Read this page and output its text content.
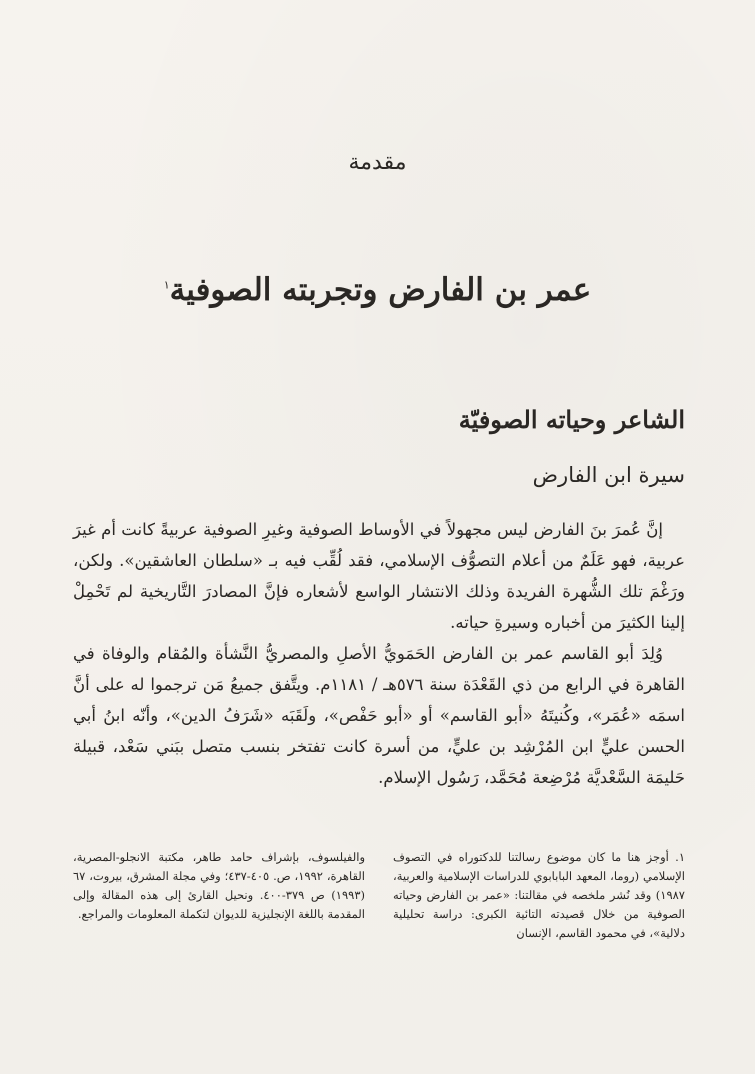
مقدمة
عمر بن الفارض وتجربته الصوفية$^١$
الشاعر وحياته الصوفيّة
سيرة ابن الفارض

إنَّ عُمرَ بنَ الفارض ليس مجهولاً في الأوساط الصوفية وغيرِ الصوفية عربيةً كانت أم غيرَ عربية، فهو عَلَمٌ من أعلام التصوُّف الإسلامي، فقد لُقِّب فيه بـ «سلطان العاشقين». ولكن، ورَغْمَ تلك الشُّهرة الفريدة وذلك الانتشار الواسع لأشعاره فإنَّ المصادرَ التَّاريخية لم تَحْمِلْ إلينا الكثيرَ من أخباره وسيرةِ حياته.

وُلِدَ أبو القاسم عمر بن الفارض الحَمَويُّ الأصلِ والمصريُّ النَّشأة والمُقام والوفاة في القاهرة في الرابع من ذي القَعْدَة سنة ٥٧٦هـ / ١١٨١م. ويتَّفق جميعُ مَن ترجموا له على أنَّ اسمَه «عُمَر»، وكُنيتَهُ «أبو القاسم» أو «أبو حَفْص»، ولَقَبَه «شَرَفُ الدين»، وأنّه ابنُ أبي الحسن عليٍّ ابن المُرْشِد بن عليٍّ، من أسرة كانت تفتخر بنسب متصل ببَني سَعْد، قبيلة حَليمَة السَّعْديَّة مُرْضِعة مُحَمَّد، رَسُول الإسلام.

١. أوجز هنا ما كان موضوع رسالتنا للدكتوراه في التصوف الإسلامي (روما، المعهد البابابوي للدراسات الإسلامية والعربية، ١٩٨٧) وقد نُشر ملخصه في مقالتنا: «عمر بن الفارض وحياته الصوفية من خلال قصيدته التائية الكبرى: دراسة تحليلية دلالية»، في محمود القاسم، الإنسان

والفيلسوف، بإشراف حامد طاهر، مكتبة الانجلو-المصرية، القاهرة، ١٩٩٢، ص. ٤٠٥-٤٣٧؛ وفي مجلة المشرق، بيروت، ٦٧ (١٩٩٣) ص ٣٧٩-٤٠٠. ونحيل القارئ إلى هذه المقالة وإلى المقدمة باللغة الإنجليزية للديوان لتكملة المعلومات والمراجع.
